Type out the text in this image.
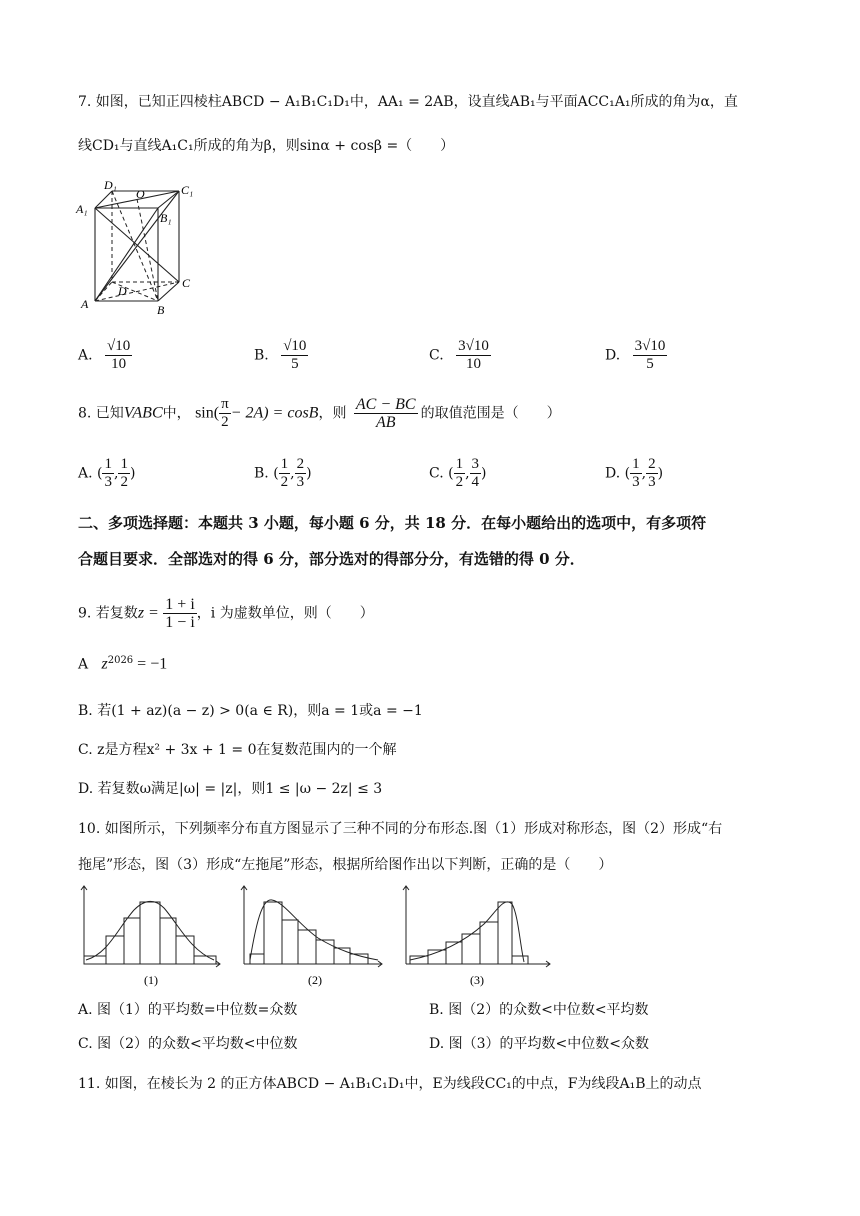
7. 如图，已知正四棱柱ABCD − A₁B₁C₁D₁中，AA₁ = 2AB，设直线AB₁与平面ACC₁A₁所成的角为α，直
线CD₁与直线A₁C₁所成的角为β，则sinα + cosβ =（　　）
D₁
O	C₁
A₁
B₁
C
D
A	B
A. $\frac{√10}{10}$	B. $\frac{√10}{5}$	C. $\frac{3√10}{10}$	D. $\frac{3√10}{5}$
8. 已知VABC中， $\sin( \frac{\pi}{2} - 2A) = \cos B$，则 $\frac{AC - BC}{AB}$ 的取值范围是（　　）
A. ( $\frac{1}{3}$ , $\frac{1}{2}$ )	B. ( $\frac{1}{2}$ , $\frac{2}{3}$ )	C. ( $\frac{1}{2}$ , $\frac{3}{4}$ )	D. ( $\frac{1}{3}$ , $\frac{2}{3}$ )
二、多项选择题：本题共 3 小题，每小题 6 分，共 18 分．在每小题给出的选项中，有多项符
合题目要求．全部选对的得 6 分，部分选对的得部分分，有选错的得 0 分．
9. 若复数$z = \frac{1 + i}{1 - i}$ ，i 为虚数单位，则（　　）
A $z^{2026} = -1$
B. 若(1 + az)(a − z) > 0(a ∈ R)，则a = 1或a = −1
C. z是方程x² + 3x + 1 = 0在复数范围内的一个解
D. 若复数ω满足|ω| = |z|，则1 ≤ |ω − 2z| ≤ 3
10. 如图所示，下列频率分布直方图显示了三种不同的分布形态.图（1）形成对称形态，图（2）形成“右
拖尾”形态，图（3）形成“左拖尾”形态，根据所给图作出以下判断，正确的是（　　）
(1)	(2)	(3)
A. 图（1）的平均数=中位数=众数	B. 图（2）的众数<中位数<平均数
C. 图（2）的众数<平均数<中位数	D. 图（3）的平均数<中位数<众数
11. 如图，在棱长为 2 的正方体ABCD − A₁B₁C₁D₁中，E为线段CC₁的中点，F为线段A₁B上的动点
